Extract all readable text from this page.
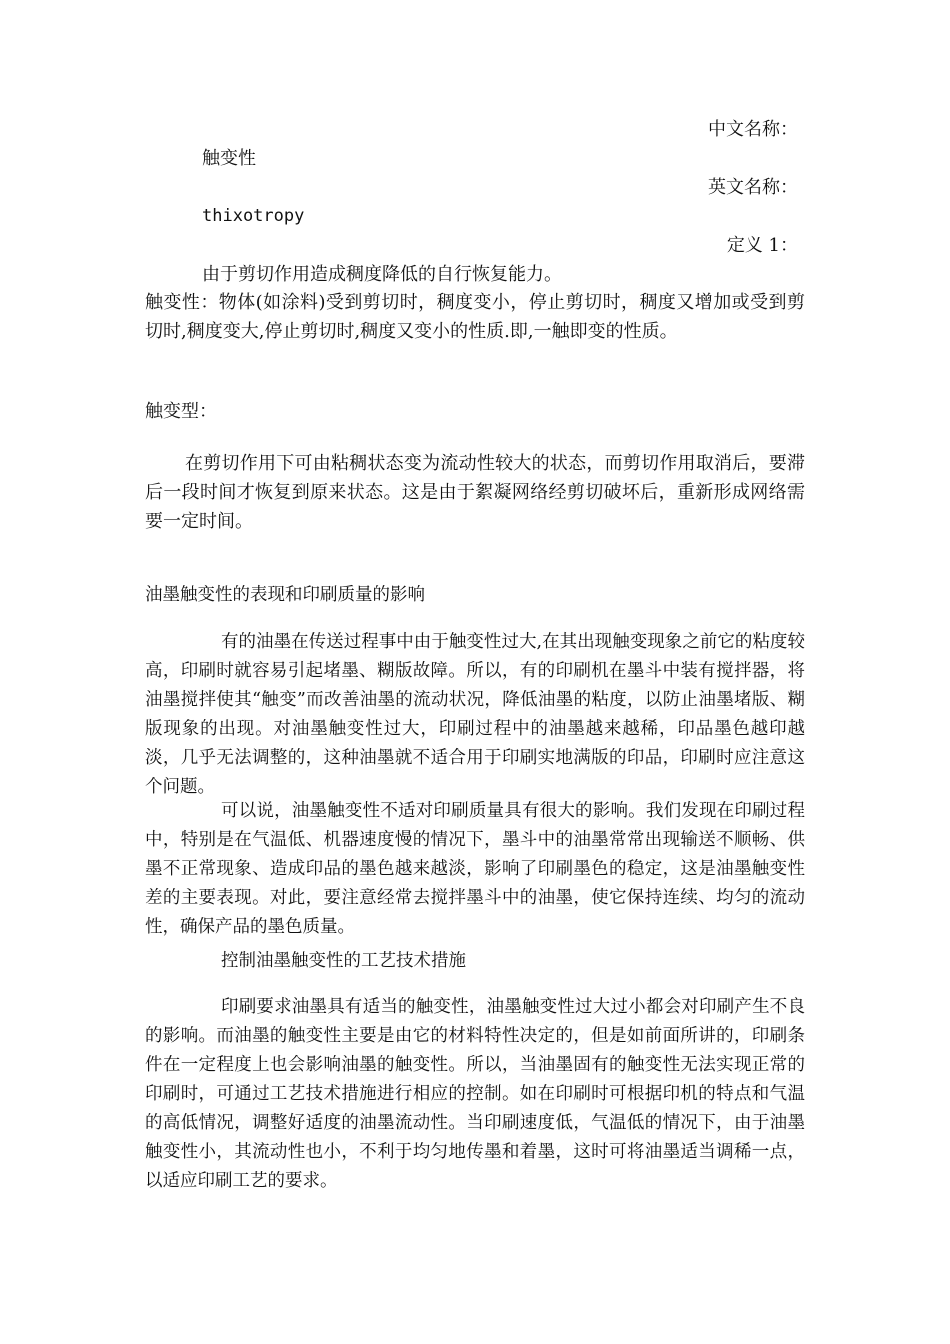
中文名称：
触变性
英文名称：
thixotropy
定义 1：
由于剪切作用造成稠度降低的自行恢复能力。
触变性：物体(如涂料)受到剪切时，稠度变小，停止剪切时，稠度又增加或受到剪切时,稠度变大,停止剪切时,稠度又变小的性质.即,一触即变的性质。
触变型：
在剪切作用下可由粘稠状态变为流动性较大的状态，而剪切作用取消后，要滞后一段时间才恢复到原来状态。这是由于絮凝网络经剪切破坏后，重新形成网络需要一定时间。
油墨触变性的表现和印刷质量的影响
有的油墨在传送过程事中由于触变性过大,在其出现触变现象之前它的粘度较高，印刷时就容易引起堵墨、糊版故障。所以，有的印刷机在墨斗中装有搅拌器，将油墨搅拌使其“触变”而改善油墨的流动状况，降低油墨的粘度，以防止油墨堵版、糊版现象的出现。对油墨触变性过大，印刷过程中的油墨越来越稀，印品墨色越印越淡，几乎无法调整的，这种油墨就不适合用于印刷实地满版的印品，印刷时应注意这个问题。
可以说，油墨触变性不适对印刷质量具有很大的影响。我们发现在印刷过程中，特别是在气温低、机器速度慢的情况下，墨斗中的油墨常常出现输送不顺畅、供墨不正常现象、造成印品的墨色越来越淡，影响了印刷墨色的稳定，这是油墨触变性差的主要表现。对此，要注意经常去搅拌墨斗中的油墨，使它保持连续、均匀的流动性，确保产品的墨色质量。
控制油墨触变性的工艺技术措施
印刷要求油墨具有适当的触变性，油墨触变性过大过小都会对印刷产生不良的影响。而油墨的触变性主要是由它的材料特性决定的，但是如前面所讲的，印刷条件在一定程度上也会影响油墨的触变性。所以，当油墨固有的触变性无法实现正常的印刷时，可通过工艺技术措施进行相应的控制。如在印刷时可根据印机的特点和气温的高低情况，调整好适度的油墨流动性。当印刷速度低，气温低的情况下，由于油墨触变性小，其流动性也小，不利于均匀地传墨和着墨，这时可将油墨适当调稀一点，以适应印刷工艺的要求。
